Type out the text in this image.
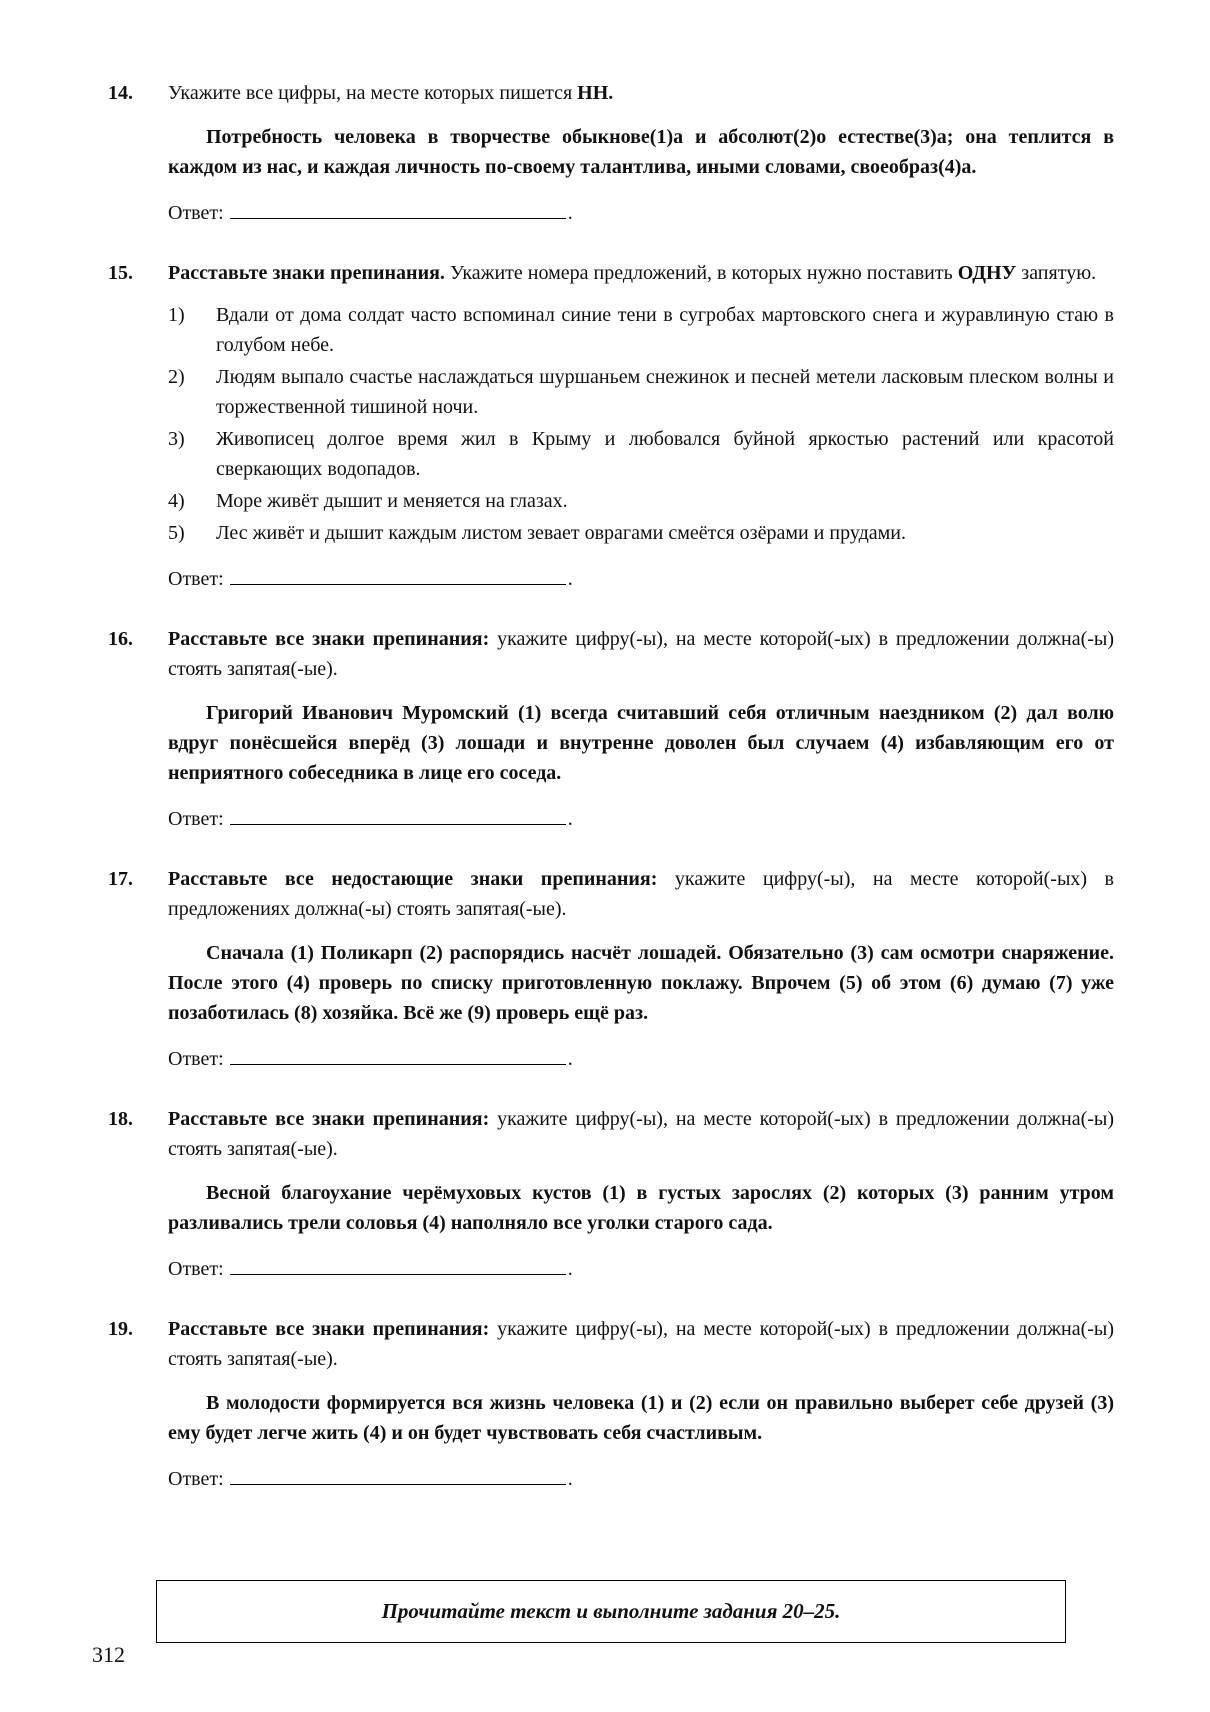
14.	Укажите все цифры, на месте которых пишется НН.
Потребность человека в творчестве обыкнове(1)а и абсолют(2)о естестве(3)а; она теплится в каждом из нас, и каждая личность по-своему талантлива, иными словами, своеобраз(4)а.
Ответ:	.
15.	Расставьте знаки препинания. Укажите номера предложений, в которых нужно поставить ОДНУ запятую.
1)	Вдали от дома солдат часто вспоминал синие тени в сугробах мартовского снега и журавлиную стаю в голубом небе.
2)	Людям выпало счастье наслаждаться шуршаньем снежинок и песней метели ласковым плеском волны и торжественной тишиной ночи.
3)	Живописец долгое время жил в Крыму и любовался буйной яркостью растений или красотой сверкающих водопадов.
4)	Море живёт дышит и меняется на глазах.
5)	Лес живёт и дышит каждым листом зевает оврагами смеётся озёрами и прудами.
Ответ:	.
16.	Расставьте все знаки препинания: укажите цифру(-ы), на месте которой(-ых) в предложении должна(-ы) стоять запятая(-ые).
Григорий Иванович Муромский (1) всегда считавший себя отличным наездником (2) дал волю вдруг понёсшейся вперёд (3) лошади и внутренне доволен был случаем (4) избавляющим его от неприятного собеседника в лице его соседа.
Ответ:	.
17.	Расставьте все недостающие знаки препинания: укажите цифру(-ы), на месте которой(-ых) в предложениях должна(-ы) стоять запятая(-ые).
Сначала (1) Поликарп (2) распорядись насчёт лошадей. Обязательно (3) сам осмотри снаряжение. После этого (4) проверь по списку приготовленную поклажу. Впрочем (5) об этом (6) думаю (7) уже позаботилась (8) хозяйка. Всё же (9) проверь ещё раз.
Ответ:	.
18.	Расставьте все знаки препинания: укажите цифру(-ы), на месте которой(-ых) в предложении должна(-ы) стоять запятая(-ые).
Весной благоухание черёмуховых кустов (1) в густых зарослях (2) которых (3) ранним утром разливались трели соловья (4) наполняло все уголки старого сада.
Ответ:	.
19.	Расставьте все знаки препинания: укажите цифру(-ы), на месте которой(-ых) в предложении должна(-ы) стоять запятая(-ые).
В молодости формируется вся жизнь человека (1) и (2) если он правильно выберет себе друзей (3) ему будет легче жить (4) и он будет чувствовать себя счастливым.
Ответ:	.
Прочитайте текст и выполните задания 20–25.
312
